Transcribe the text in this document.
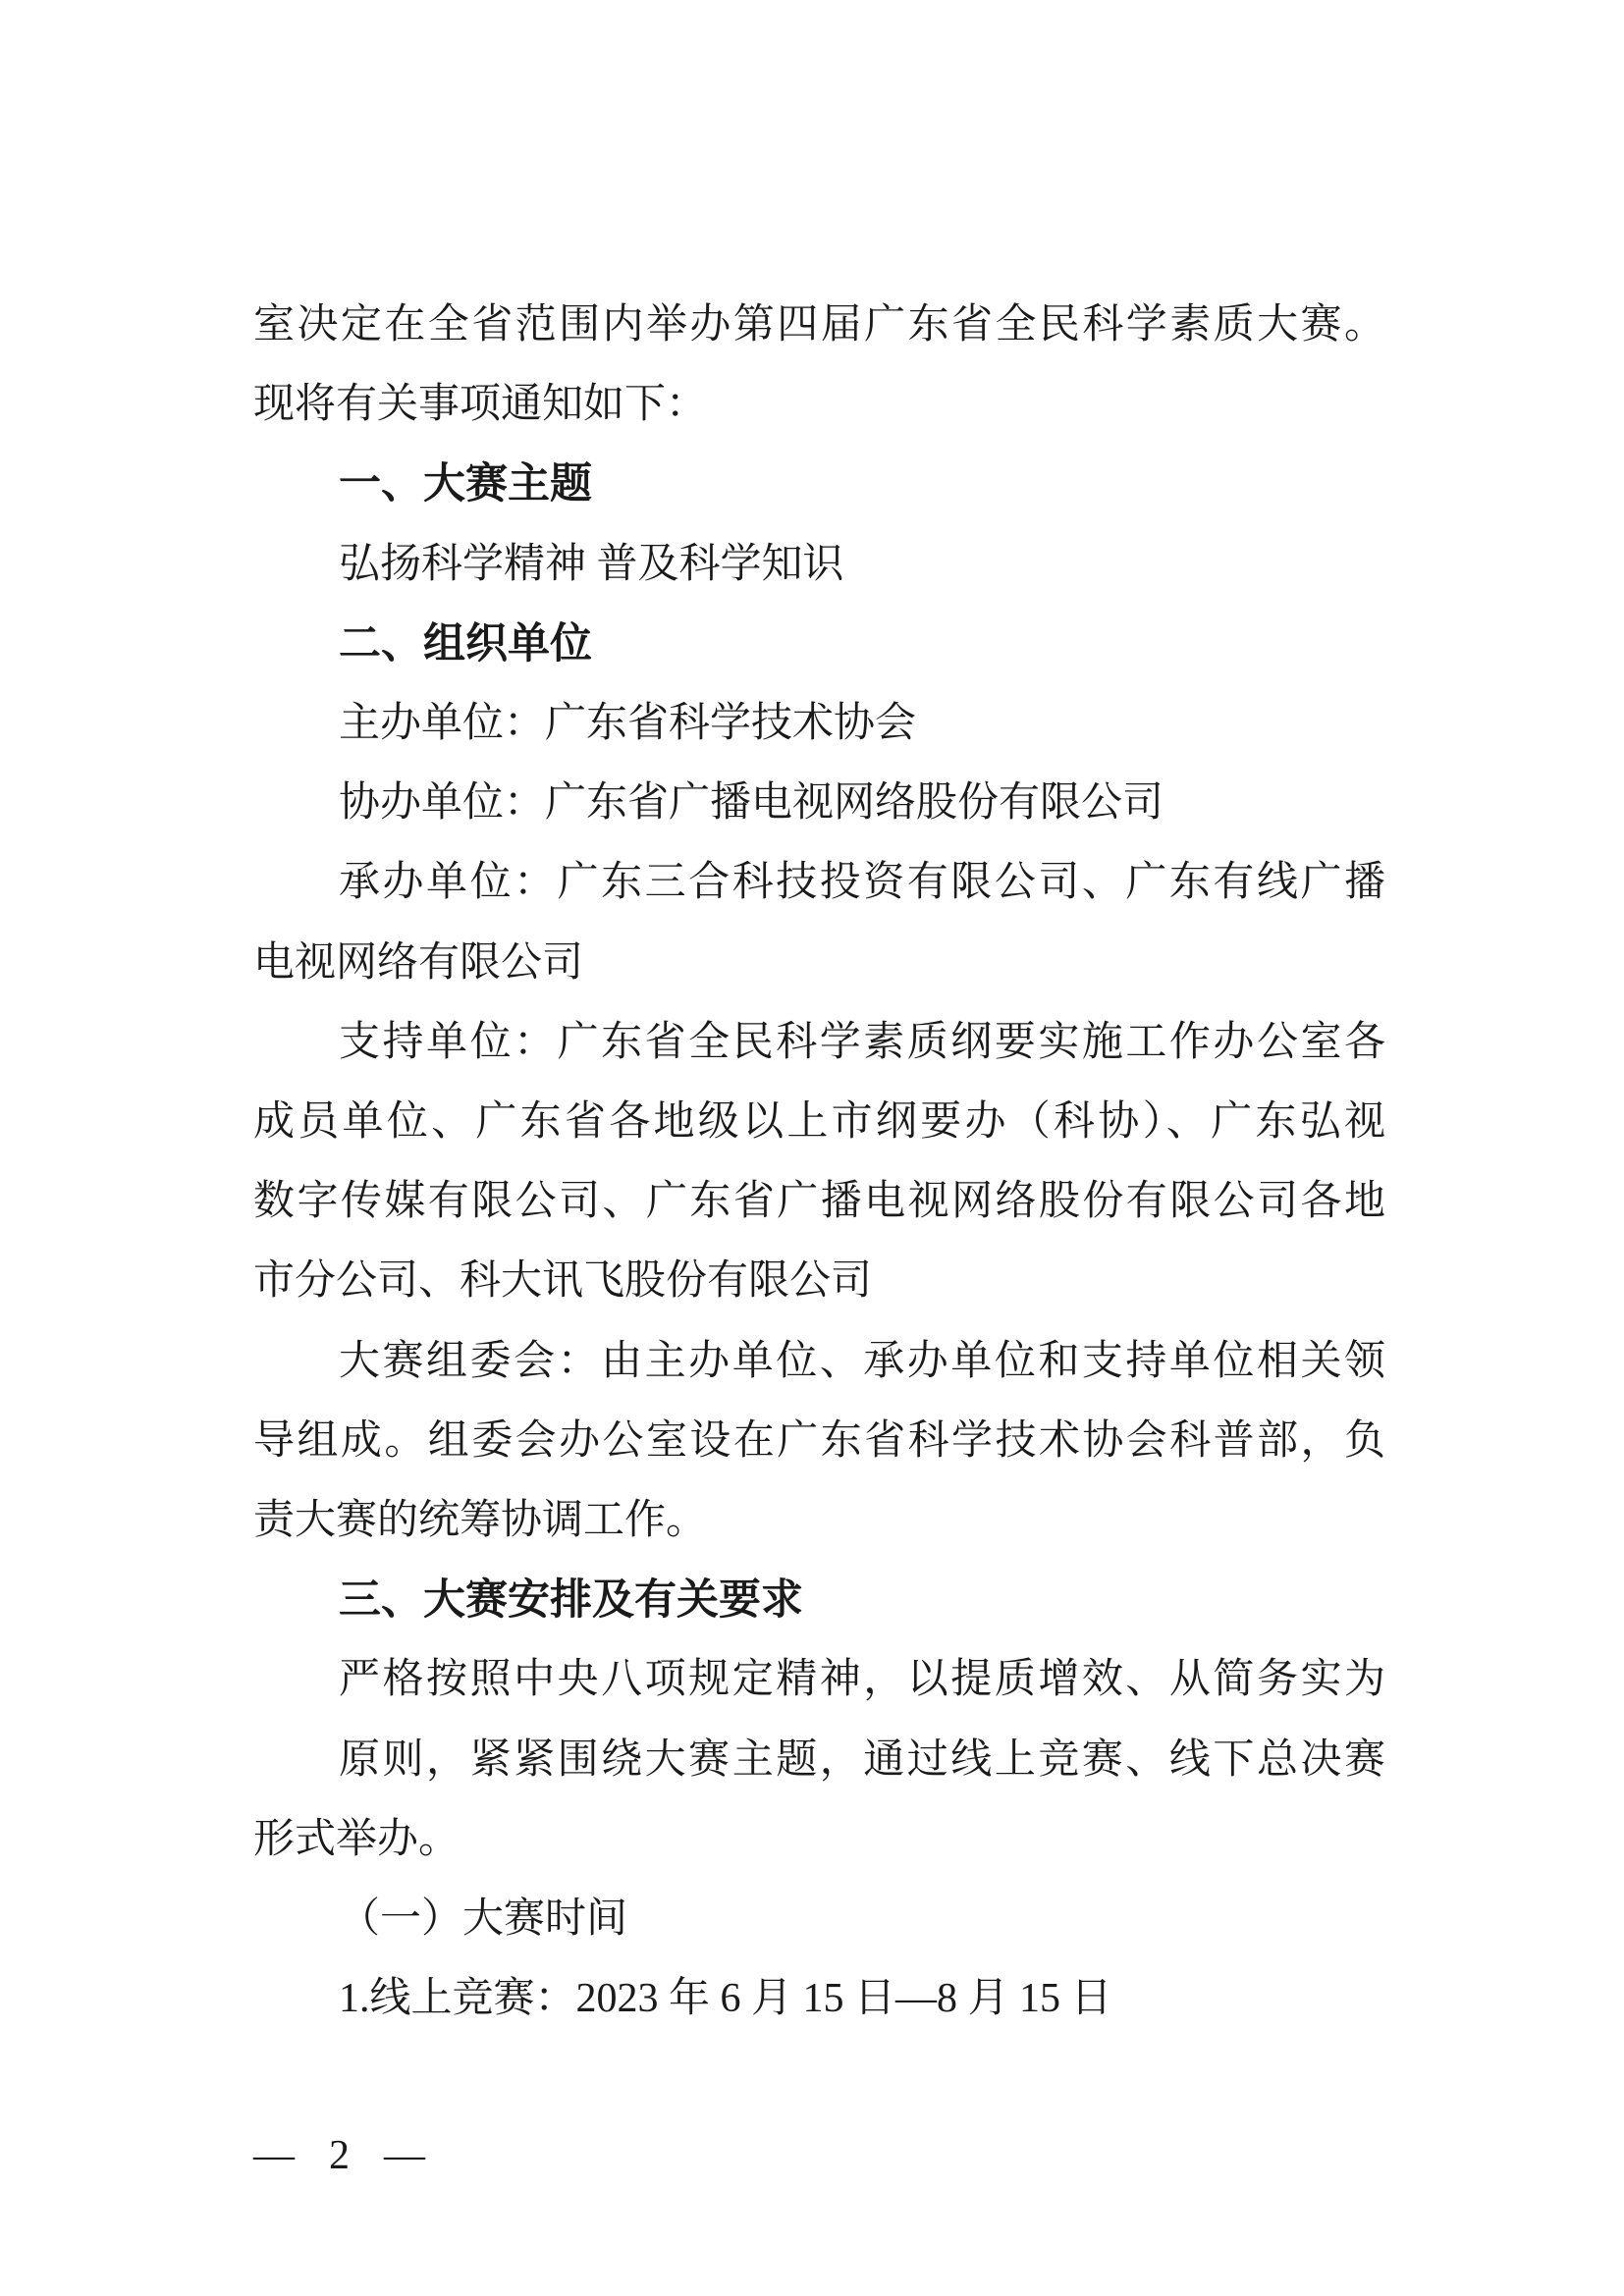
室决定在全省范围内举办第四届广东省全民科学素质大赛。
现将有关事项通知如下：
一、大赛主题
弘扬科学精神 普及科学知识
二、组织单位
主办单位：广东省科学技术协会
协办单位：广东省广播电视网络股份有限公司
承办单位：广东三合科技投资有限公司、广东有线广播
电视网络有限公司
支持单位：广东省全民科学素质纲要实施工作办公室各
成员单位、广东省各地级以上市纲要办（科协）、广东弘视
数字传媒有限公司、广东省广播电视网络股份有限公司各地
市分公司、科大讯飞股份有限公司
大赛组委会：由主办单位、承办单位和支持单位相关领
导组成。组委会办公室设在广东省科学技术协会科普部，负
责大赛的统筹协调工作。
三、大赛安排及有关要求
严格按照中央八项规定精神，以提质增效、从简务实为
原则，紧紧围绕大赛主题，通过线上竞赛、线下总决赛
形式举办。
（一）大赛时间
1.线上竞赛：2023 年 6 月 15 日—8 月 15 日
— 2 —
